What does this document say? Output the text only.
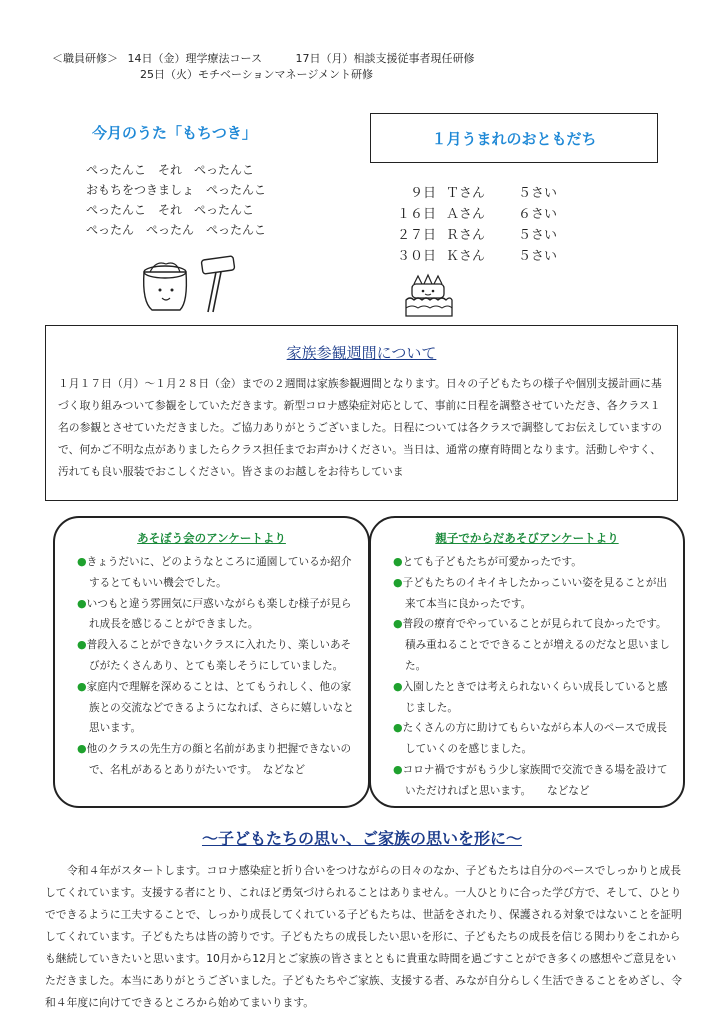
＜職員研修＞ 14日（金）理学療法コース	17日（月）相談支援従事者現任研修
25日（火）モチベーションマネージメント研修
今月のうた「もちつき」
ぺったんこ　それ　ぺったんこ
おもちをつきましょ　ぺったんこ
ぺったんこ　それ　ぺったんこ
ぺったん　ぺったん　ぺったんこ
１月うまれのおともだち
９日 Ｔさん	５さい
１６日 Ａさん	６さい
２７日 Ｒさん	５さい
３０日 Ｋさん	５さい
家族参観週間について
１月１７日（月）～１月２８日（金）までの２週間は家族参観週間となります。日々の子どもたちの様子や個別支援計画に基づく取り組みついて参観をしていただきます。新型コロナ感染症対応として、事前に日程を調整させていただき、各クラス１名の参観とさせていただきました。ご協力ありがとうございました。日程については各クラスで調整してお伝えしていますので、何かご不明な点がありましたらクラス担任までお声かけください。当日は、通常の療育時間となります。活動しやすく、汚れても良い服装でおこしください。皆さまのお越しをお待ちしていま
あそぼう会のアンケートより
●きょうだいに、どのようなところに通園しているか紹介するとてもいい機会でした。
●いつもと違う雰囲気に戸惑いながらも楽しむ様子が見られ成長を感じることができました。
●普段入ることができないクラスに入れたり、楽しいあそびがたくさんあり、とても楽しそうにしていました。
●家庭内で理解を深めることは、とてもうれしく、他の家族との交流などできるようになれば、さらに嬉しいなと思います。
●他のクラスの先生方の顔と名前があまり把握できないので、名札があるとありがたいです。　などなど
親子でからだあそびアンケートより
●とても子どもたちが可愛かったです。
●子どもたちのイキイキしたかっこいい姿を見ることが出来て本当に良かったです。
●普段の療育でやっていることが見られて良かったです。積み重ねることでできることが増えるのだなと思いました。
●入園したときでは考えられないくらい成長していると感じました。
●たくさんの方に助けてもらいながら本人のペースで成長していくのを感じました。
●コロナ禍ですがもう少し家族間で交流できる場を設けていただければと思います。　　などなど
～子どもたちの思い、ご家族の思いを形に～
令和４年がスタートします。コロナ感染症と折り合いをつけながらの日々のなか、子どもたちは自分のペースでしっかりと成長してくれています。支援する者にとり、これほど勇気づけられることはありません。一人ひとりに合った学び方で、そして、ひとりでできるように工夫することで、しっかり成長してくれている子どもたちは、世話をされたり、保護される対象ではないことを証明してくれています。子どもたちは皆の誇りです。子どもたちの成長したい思いを形に、子どもたちの成長を信じる関わりをこれからも継続していきたいと思います。10月から12月とご家族の皆さまとともに貴重な時間を過ごすことができ多くの感想やご意見をいただきました。本当にありがとうございました。子どもたちやご家族、支援する者、みなが自分らしく生活できることをめざし、令和４年度に向けてできるところから始めてまいります。
